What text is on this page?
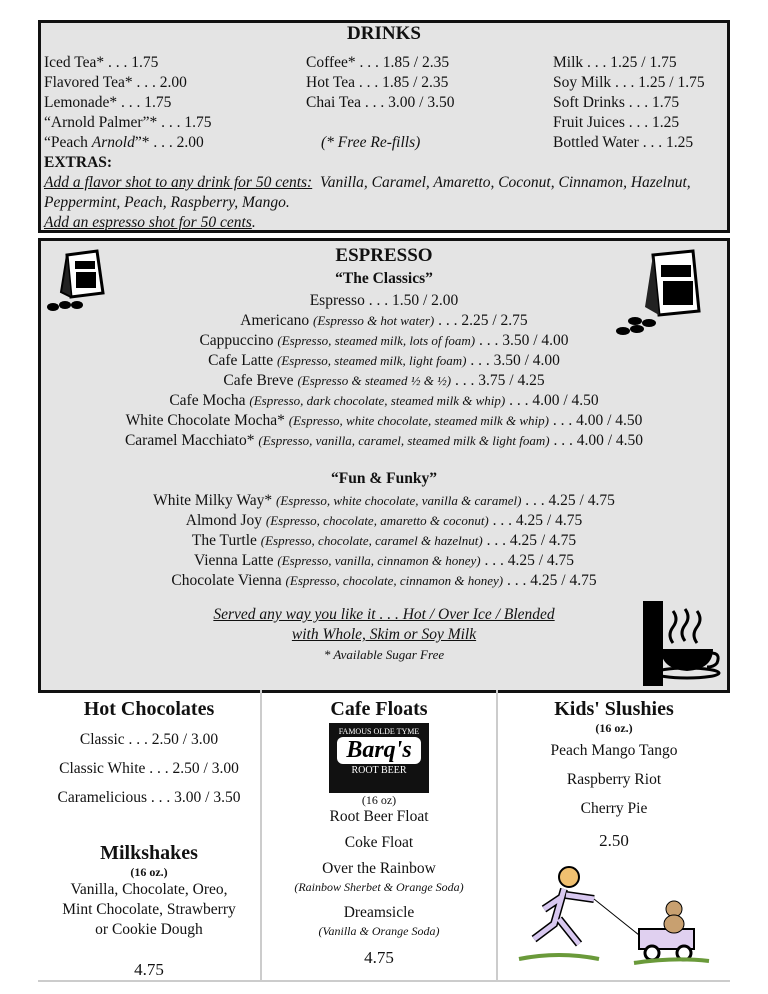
DRINKS
Iced Tea* . . . 1.75
Flavored Tea* . . . 2.00
Lemonade* . . . 1.75
“Arnold Palmer”* . . . 1.75
“Peach Arnold”* . . . 2.00
Coffee* . . . 1.85 / 2.35
Hot Tea . . . 1.85 / 2.35
Chai Tea . . . 3.00 / 3.50

(* Free Re-fills)
Milk . . . 1.25 / 1.75
Soy Milk . . . 1.25 / 1.75
Soft Drinks . . . 1.75
Fruit Juices . . . 1.25
Bottled Water . . . 1.25
EXTRAS:
Add a flavor shot to any drink for 50 cents:  Vanilla, Caramel, Amaretto, Coconut, Cinnamon, Hazelnut, Peppermint, Peach, Raspberry, Mango.
Add an espresso shot for 50 cents.
ESPRESSO
“The Classics”
Espresso . . . 1.50 / 2.00
Americano (Espresso & hot water) . . . 2.25 / 2.75
Cappuccino (Espresso, steamed milk, lots of foam) . . . 3.50 / 4.00
Cafe Latte (Espresso, steamed milk, light foam) . . . 3.50 / 4.00
Cafe Breve (Espresso & steamed ½ & ½) . . . 3.75 / 4.25
Cafe Mocha (Espresso, dark chocolate, steamed milk & whip) . . . 4.00 / 4.50
White Chocolate Mocha* (Espresso, white chocolate, steamed milk & whip) . . . 4.00 / 4.50
Caramel Macchiato* (Espresso, vanilla, caramel, steamed milk & light foam) . . . 4.00 / 4.50
“Fun & Funky”
White Milky Way* (Espresso, white chocolate, vanilla & caramel) . . . 4.25 / 4.75
Almond Joy (Espresso, chocolate, amaretto & coconut) . . . 4.25 / 4.75
The Turtle (Espresso, chocolate, caramel & hazelnut) . . . 4.25 / 4.75
Vienna Latte (Espresso, vanilla, cinnamon & honey) . . . 4.25 / 4.75
Chocolate Vienna (Espresso, chocolate, cinnamon & honey) . . . 4.25 / 4.75
Served any way you like it . . . Hot / Over Ice / Blended
with Whole, Skim or Soy Milk
* Available Sugar Free
Hot Chocolates

Classic . . . 2.50 / 3.00
Classic White . . . 2.50 / 3.00
Caramelicious . . . 3.00 / 3.50

Milkshakes

(16 oz.)

Vanilla, Chocolate, Oreo,
Mint Chocolate, Strawberry
or Cookie Dough

4.75

Cafe Floats
FAMOUS OLDE TYME
Barq's
ROOT BEER

(16 oz)

Root Beer Float

Coke Float

Over the Rainbow
(Rainbow Sherbet & Orange Soda)

Dreamsicle
(Vanilla & Orange Soda)

4.75

Kids' Slushies

(16 oz.)

Peach Mango Tango
Raspberry Riot
Cherry Pie

2.50
